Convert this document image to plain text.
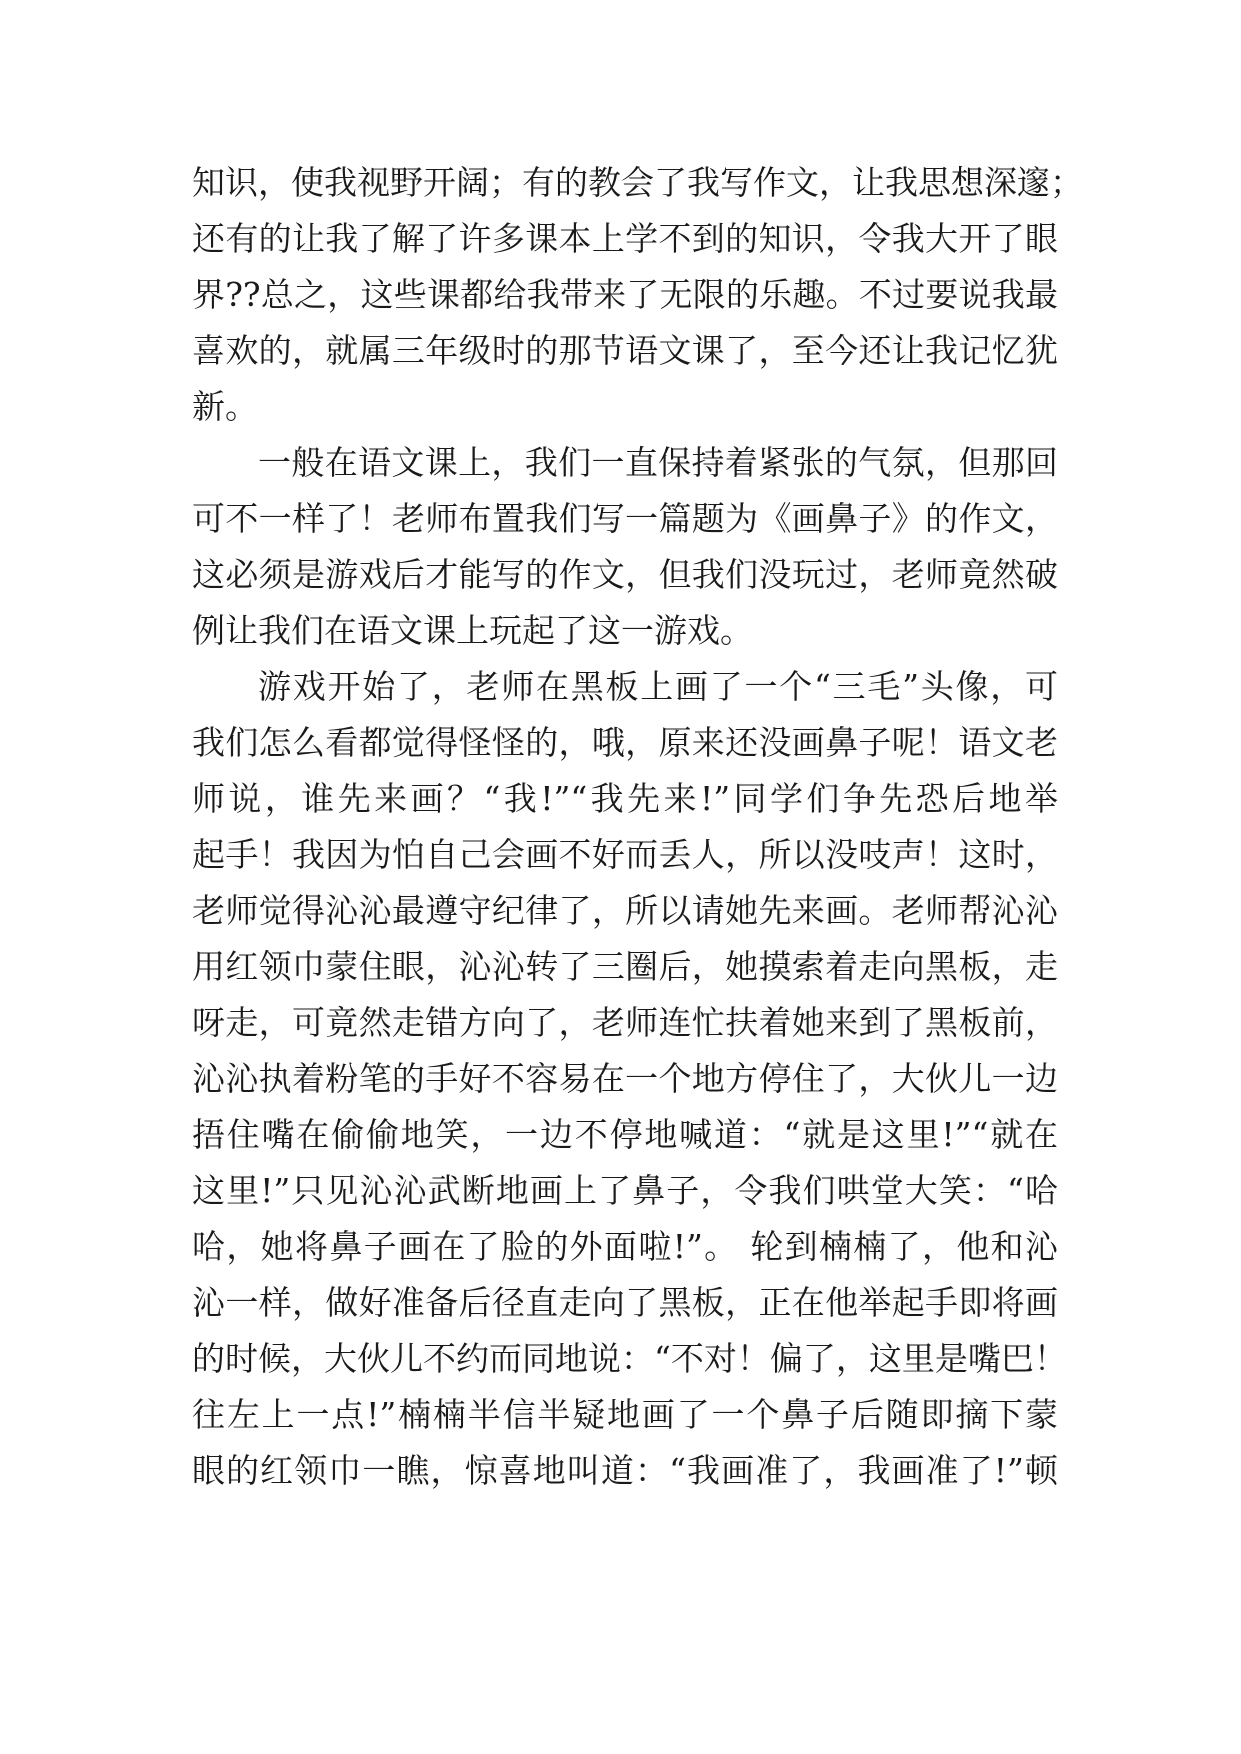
知识，使我视野开阔；有的教会了我写作文，让我思想深邃；
还有的让我了解了许多课本上学不到的知识，令我大开了眼
界??总之，这些课都给我带来了无限的乐趣。不过要说我最
喜欢的，就属三年级时的那节语文课了，至今还让我记忆犹
新。
一般在语文课上，我们一直保持着紧张的气氛，但那回
可不一样了！老师布置我们写一篇题为《画鼻子》的作文，
这必须是游戏后才能写的作文，但我们没玩过，老师竟然破
例让我们在语文课上玩起了这一游戏。
游戏开始了，老师在黑板上画了一个“三毛”头像，可
我们怎么看都觉得怪怪的，哦，原来还没画鼻子呢！语文老
师说，谁先来画？“我!”“我先来!”同学们争先恐后地举
起手！我因为怕自己会画不好而丢人，所以没吱声！这时，
老师觉得沁沁最遵守纪律了，所以请她先来画。老师帮沁沁
用红领巾蒙住眼，沁沁转了三圈后，她摸索着走向黑板，走
呀走，可竟然走错方向了，老师连忙扶着她来到了黑板前，
沁沁执着粉笔的手好不容易在一个地方停住了，大伙儿一边
捂住嘴在偷偷地笑，一边不停地喊道：“就是这里!”“就在
这里!”只见沁沁武断地画上了鼻子，令我们哄堂大笑：“哈
哈，她将鼻子画在了脸的外面啦!”。 轮到楠楠了，他和沁
沁一样，做好准备后径直走向了黑板，正在他举起手即将画
的时候，大伙儿不约而同地说：“不对！偏了，这里是嘴巴！
往左上一点!”楠楠半信半疑地画了一个鼻子后随即摘下蒙
眼的红领巾一瞧，惊喜地叫道：“我画准了，我画准了!”顿
